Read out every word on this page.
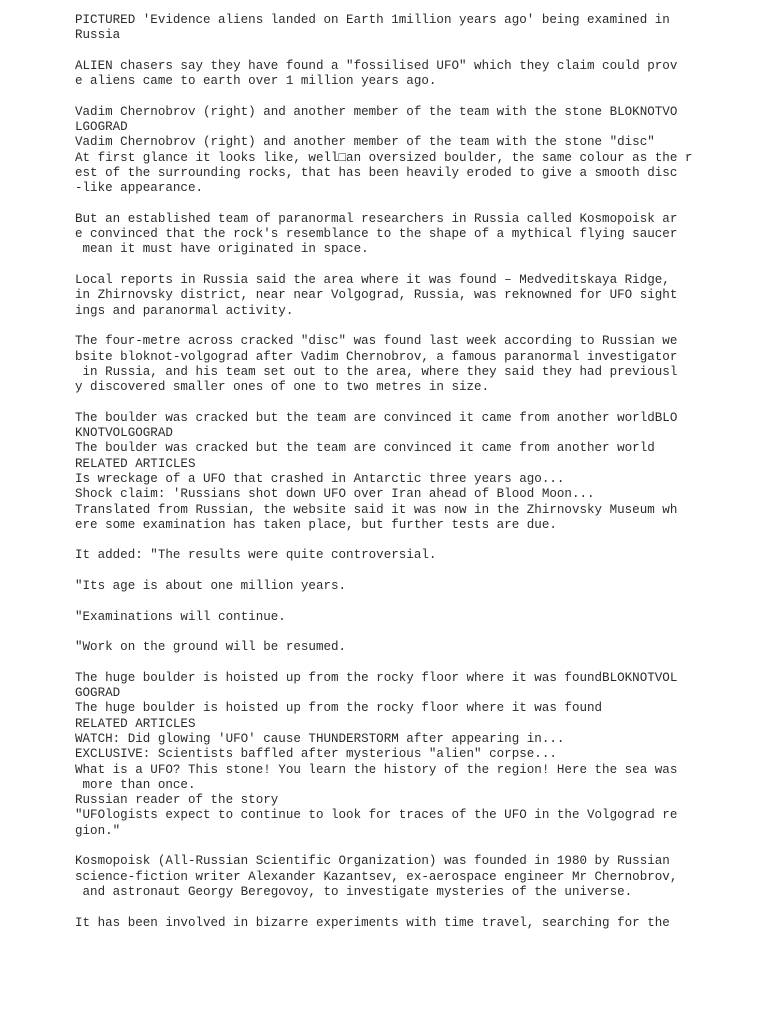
PICTURED 'Evidence aliens landed on Earth 1million years ago' being examined in
Russia
ALIEN chasers say they have found a "fossilised UFO" which they claim could prov
e aliens came to earth over 1 million years ago.
Vadim Chernobrov (right) and another member of the team with the stone BLOKNOTVO
LGOGRAD
Vadim Chernobrov (right) and another member of the team with the stone "disc"
At first glance it looks like, well□an oversized boulder, the same colour as the r
est of the surrounding rocks, that has been heavily eroded to give a smooth disc
-like appearance.
But an established team of paranormal researchers in Russia called Kosmopoisk ar
e convinced that the rock's resemblance to the shape of a mythical flying saucer
mean it must have originated in space.
Local reports in Russia said the area where it was found – Medveditskaya Ridge,
in Zhirnovsky district, near near Volgograd, Russia, was reknowned for UFO sight
ings and paranormal activity.
The four-metre across cracked "disc" was found last week according to Russian we
bsite bloknot-volgograd after Vadim Chernobrov, a famous paranormal investigator
in Russia, and his team set out to the area, where they said they had previousl
y discovered smaller ones of one to two metres in size.
The boulder was cracked but the team are convinced it came from another worldBLO
KNOTVOLGOGRAD
The boulder was cracked but the team are convinced it came from another world
RELATED ARTICLES
Is wreckage of a UFO that crashed in Antarctic three years ago...
Shock claim: 'Russians shot down UFO over Iran ahead of Blood Moon...
Translated from Russian, the website said it was now in the Zhirnovsky Museum wh
ere some examination has taken place, but further tests are due.
It added: "The results were quite controversial.
"Its age is about one million years.
"Examinations will continue.
"Work on the ground will be resumed.
The huge boulder is hoisted up from the rocky floor where it was foundBLOKNOTVOL
GOGRAD
The huge boulder is hoisted up from the rocky floor where it was found
RELATED ARTICLES
WATCH: Did glowing 'UFO' cause THUNDERSTORM after appearing in...
EXCLUSIVE: Scientists baffled after mysterious "alien" corpse...
What is a UFO? This stone! You learn the history of the region! Here the sea was
more than once.
Russian reader of the story
"UFOlogists expect to continue to look for traces of the UFO in the Volgograd re
gion."
Kosmopoisk (All-Russian Scientific Organization) was founded in 1980 by Russian
science-fiction writer Alexander Kazantsev, ex-aerospace engineer Mr Chernobrov,
and astronaut Georgy Beregovoy, to investigate mysteries of the universe.
It has been involved in bizarre experiments with time travel, searching for the
